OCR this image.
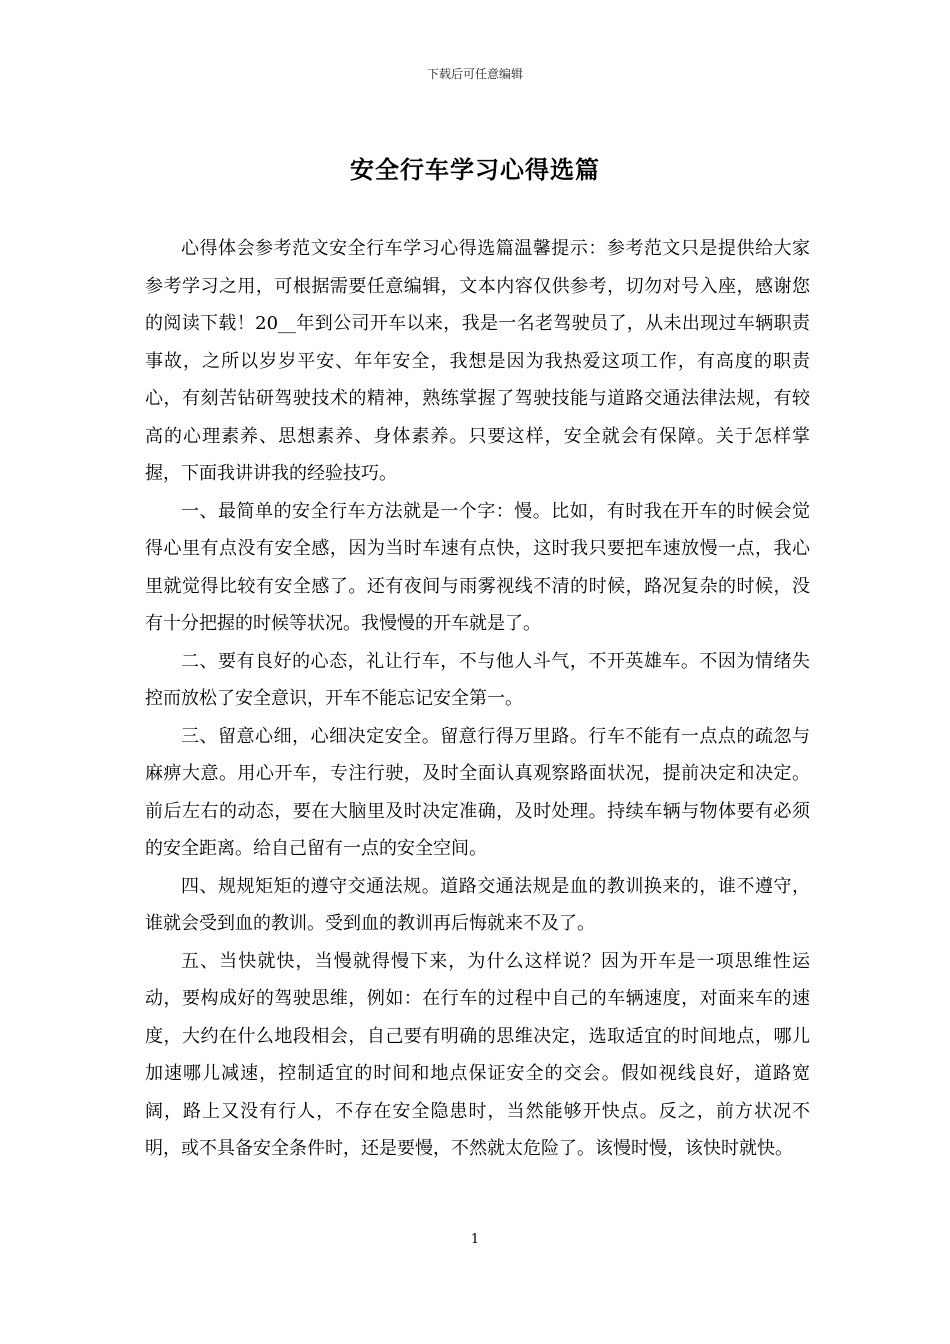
下载后可任意编辑
安全行车学习心得选篇

心得体会参考范文安全行车学习心得选篇温馨提示：参考范文只是提供给大家参考学习之用，可根据需要任意编辑，文本内容仅供参考，切勿对号入座，感谢您的阅读下载！20__年到公司开车以来，我是一名老驾驶员了，从未出现过车辆职责事故，之所以岁岁平安、年年安全，我想是因为我热爱这项工作，有高度的职责心，有刻苦钻研驾驶技术的精神，熟练掌握了驾驶技能与道路交通法律法规，有较高的心理素养、思想素养、身体素养。只要这样，安全就会有保障。关于怎样掌握，下面我讲讲我的经验技巧。

一、最简单的安全行车方法就是一个字：慢。比如，有时我在开车的时候会觉得心里有点没有安全感，因为当时车速有点快，这时我只要把车速放慢一点，我心里就觉得比较有安全感了。还有夜间与雨雾视线不清的时候，路况复杂的时候，没有十分把握的时候等状况。我慢慢的开车就是了。

二、要有良好的心态，礼让行车，不与他人斗气，不开英雄车。不因为情绪失控而放松了安全意识，开车不能忘记安全第一。

三、留意心细，心细决定安全。留意行得万里路。行车不能有一点点的疏忽与麻痹大意。用心开车，专注行驶，及时全面认真观察路面状况，提前决定和决定。前后左右的动态，要在大脑里及时决定准确，及时处理。持续车辆与物体要有必须的安全距离。给自己留有一点的安全空间。

四、规规矩矩的遵守交通法规。道路交通法规是血的教训换来的，谁不遵守，谁就会受到血的教训。受到血的教训再后悔就来不及了。

五、当快就快，当慢就得慢下来，为什么这样说？因为开车是一项思维性运动，要构成好的驾驶思维，例如：在行车的过程中自己的车辆速度，对面来车的速度，大约在什么地段相会，自己要有明确的思维决定，选取适宜的时间地点，哪儿加速哪儿减速，控制适宜的时间和地点保证安全的交会。假如视线良好，道路宽阔，路上又没有行人，不存在安全隐患时，当然能够开快点。反之，前方状况不明，或不具备安全条件时，还是要慢，不然就太危险了。该慢时慢，该快时就快。

1
